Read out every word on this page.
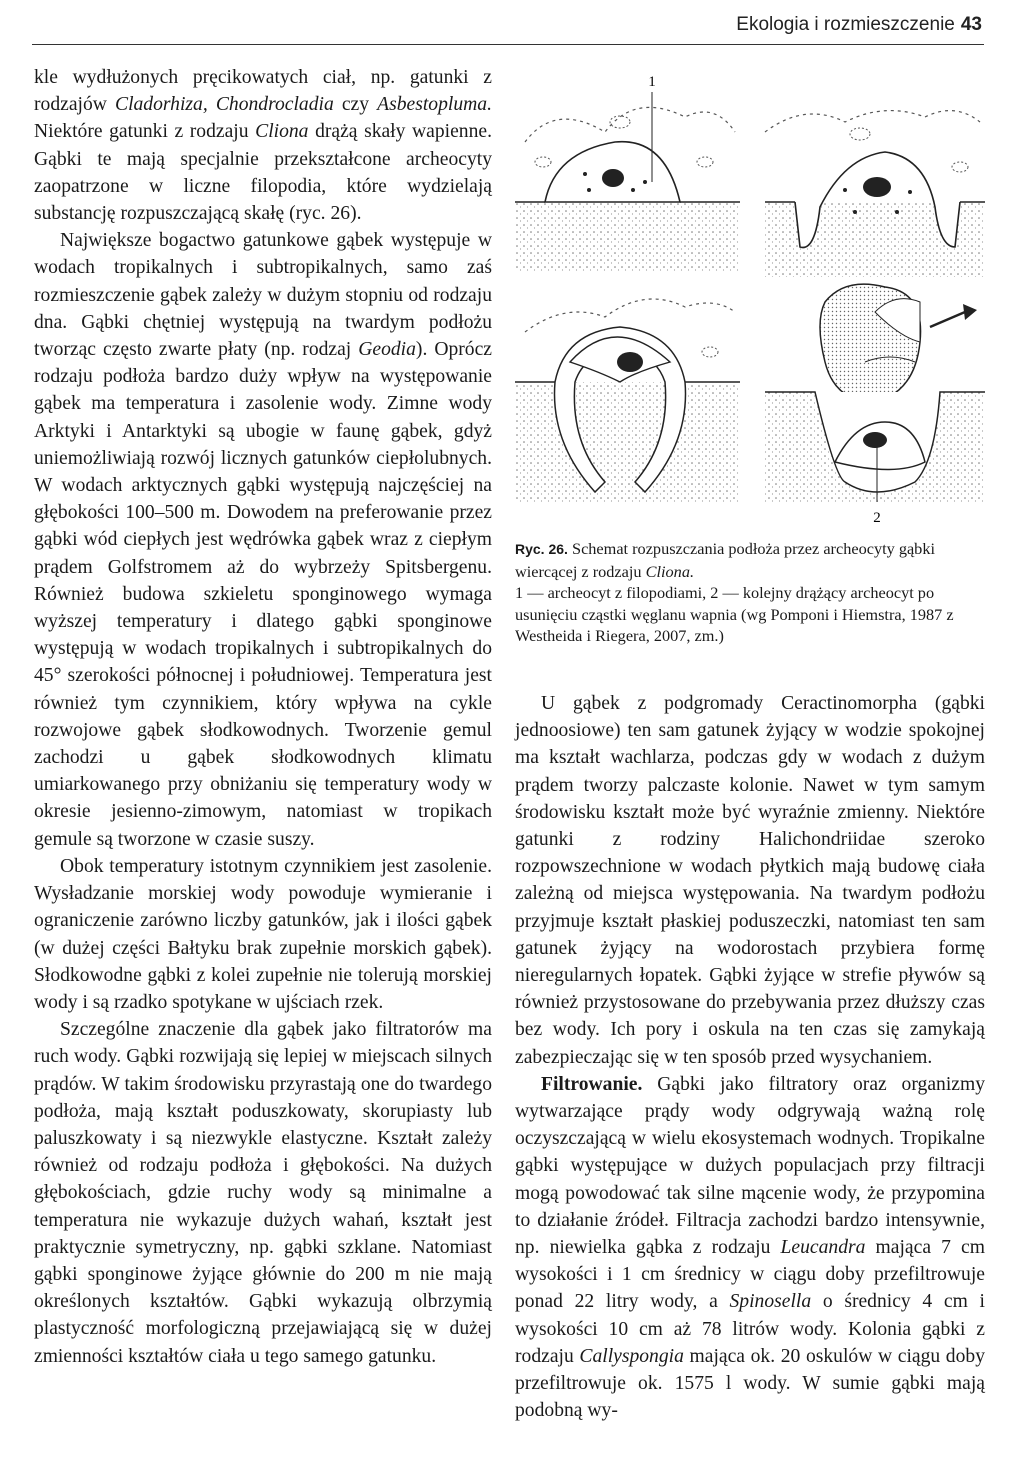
Ekologia i rozmieszczenie 43

kle wydłużonych pręcikowatych ciał, np. gatunki z rodzajów Cladorhiza, Chondrocladia czy Asbestopluma. Niektóre gatunki z rodzaju Cliona drążą skały wapienne. Gąbki te mają specjalnie przekształcone archeocyty zaopatrzone w liczne filopodia, które wydzielają substancję rozpuszczającą skałę (ryc. 26).

Największe bogactwo gatunkowe gąbek występuje w wodach tropikalnych i subtropikalnych, samo zaś rozmieszczenie gąbek zależy w dużym stopniu od rodzaju dna. Gąbki chętniej występują na twardym podłożu tworząc często zwarte płaty (np. rodzaj Geodia). Oprócz rodzaju podłoża bardzo duży wpływ na występowanie gąbek ma temperatura i zasolenie wody. Zimne wody Arktyki i Antarktyki są ubogie w faunę gąbek, gdyż uniemożliwiają rozwój licznych gatunków ciepłolubnych. W wodach arktycznych gąbki występują najczęściej na głębokości 100–500 m. Dowodem na preferowanie przez gąbki wód ciepłych jest wędrówka gąbek wraz z ciepłym prądem Golfstromem aż do wybrzeży Spitsbergenu. Również budowa szkieletu sponginowego wymaga wyższej temperatury i dlatego gąbki sponginowe występują w wodach tropikalnych i subtropikalnych do 45° szerokości północnej i południowej. Temperatura jest również tym czynnikiem, który wpływa na cykle rozwojowe gąbek słodkowodnych. Tworzenie gemul zachodzi u gąbek słodkowodnych klimatu umiarkowanego przy obniżaniu się temperatury wody w okresie jesienno-zimowym, natomiast w tropikach gemule są tworzone w czasie suszy.

Obok temperatury istotnym czynnikiem jest zasolenie. Wysładzanie morskiej wody powoduje wymieranie i ograniczenie zarówno liczby gatunków, jak i ilości gąbek (w dużej części Bałtyku brak zupełnie morskich gąbek). Słodkowodne gąbki z kolei zupełnie nie tolerują morskiej wody i są rzadko spotykane w ujściach rzek.

Szczególne znaczenie dla gąbek jako filtratorów ma ruch wody. Gąbki rozwijają się lepiej w miejscach silnych prądów. W takim środowisku przyrastają one do twardego podłoża, mają kształt poduszkowaty, skorupiasty lub paluszkowaty i są niezwykle elastyczne. Kształt zależy również od rodzaju podłoża i głębokości. Na dużych głębokościach, gdzie ruchy wody są minimalne a temperatura nie wykazuje dużych wahań, kształt jest praktycznie symetryczny, np. gąbki szklane. Natomiast gąbki sponginowe żyjące głównie do 200 m nie mają określonych kształtów. Gąbki wykazują olbrzymią plastyczność morfologiczną przejawiającą się w dużej zmienności kształtów ciała u tego samego gatunku.

1
2

Ryc. 26. Schemat rozpuszczania podłoża przez archeocyty gąbki wiercącej z rodzaju Cliona.

1 — archeocyt z filopodiami, 2 — kolejny drążący archeocyt po usunięciu cząstki węglanu wapnia (wg Pomponi i Hiemstra, 1987 z Westheida i Riegera, 2007, zm.)

U gąbek z podgromady Ceractinomorpha (gąbki jednoosiowe) ten sam gatunek żyjący w wodzie spokojnej ma kształt wachlarza, podczas gdy w wodach z dużym prądem tworzy palczaste kolonie. Nawet w tym samym środowisku kształt może być wyraźnie zmienny. Niektóre gatunki z rodziny Halichondriidae szeroko rozpowszechnione w wodach płytkich mają budowę ciała zależną od miejsca występowania. Na twardym podłożu przyjmuje kształt płaskiej poduszeczki, natomiast ten sam gatunek żyjący na wodorostach przybiera formę nieregularnych łopatek. Gąbki żyjące w strefie pływów są również przystosowane do przebywania przez dłuższy czas bez wody. Ich pory i oskula na ten czas się zamykają zabezpieczając się w ten sposób przed wysychaniem.

Filtrowanie. Gąbki jako filtratory oraz organizmy wytwarzające prądy wody odgrywają ważną rolę oczyszczającą w wielu ekosystemach wodnych. Tropikalne gąbki występujące w dużych populacjach przy filtracji mogą powodować tak silne mącenie wody, że przypomina to działanie źródeł. Filtracja zachodzi bardzo intensywnie, np. niewielka gąbka z rodzaju Leucandra mająca 7 cm wysokości i 1 cm średnicy w ciągu doby przefiltrowuje ponad 22 litry wody, a Spinosella o średnicy 4 cm i wysokości 10 cm aż 78 litrów wody. Kolonia gąbki z rodzaju Callyspongia mająca ok. 20 oskulów w ciągu doby przefiltrowuje ok. 1575 l wody. W sumie gąbki mają podobną wy-
